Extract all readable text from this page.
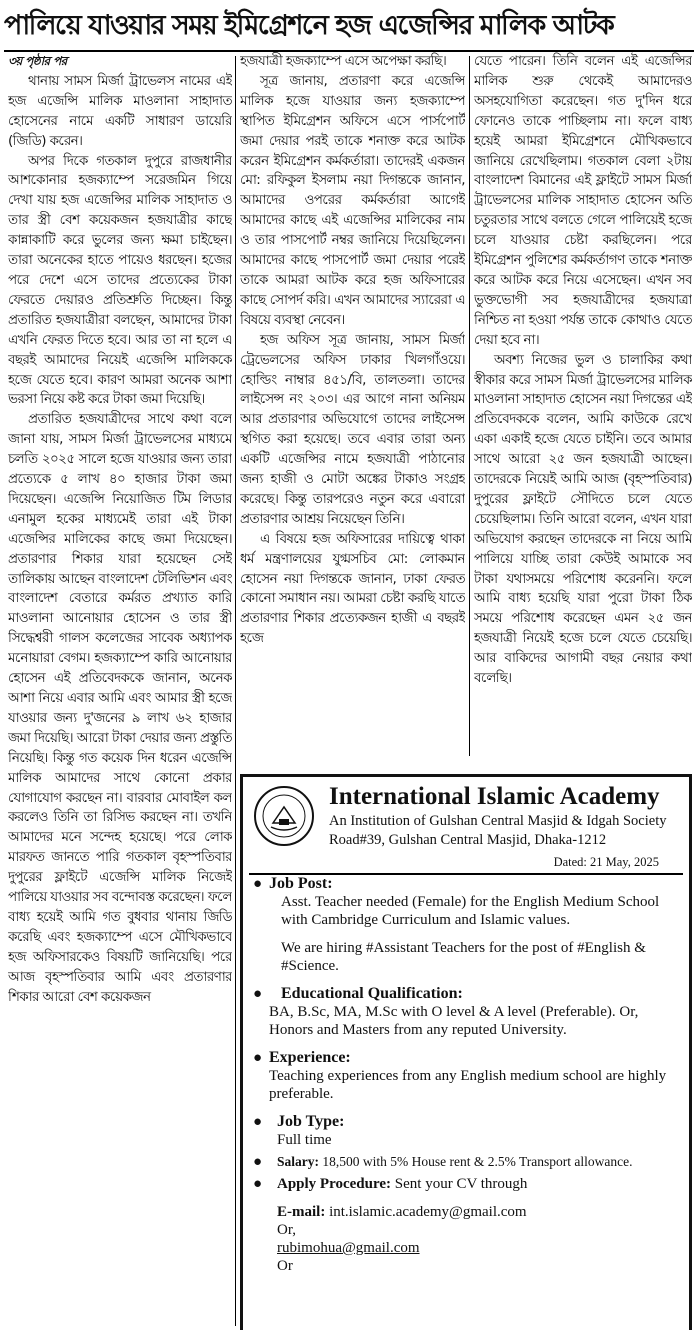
পালিয়ে যাওয়ার সময় ইমিগ্রেশনে হজ এজেন্সির মালিক আটক

৩য় পৃষ্ঠার পর

থানায় সামস মির্জা ট্রাভেলস নামের এই হজ এজেন্সি মালিক মাওলানা সাহাদাত হোসেনের নামে একটি সাধারণ ডায়েরি (জিডি) করেন।

অপর দিকে গতকাল দুপুরে রাজধানীর আশকোনার হজক্যাম্পে সরেজমিন গিয়ে দেখা যায় হজ এজেন্সির মালিক সাহাদাত ও তার স্ত্রী বেশ কয়েকজন হজযাত্রীর কাছে কান্নাকাটি করে ভুলের জন্য ক্ষমা চাইছেন। তারা অনেকের হাতে পায়েও ধরছেন। হজের পরে দেশে এসে তাদের প্রত্যেকের টাকা ফেরতে দেয়ারও প্রতিশ্রুতি দিচ্ছেন। কিন্তু প্রতারিত হজযাত্রীরা বলছেন, আমাদের টাকা এখনি ফেরত দিতে হবে। আর তা না হলে এ বছরই আমাদের নিয়েই এজেন্সি মালিককে হজে যেতে হবে। কারণ আমরা অনেক আশা ভরসা নিয়ে কষ্ট করে টাকা জমা দিয়েছি।

প্রতারিত হজযাত্রীদের সাথে কথা বলে জানা যায়, সামস মির্জা ট্রাভেলসের মাধ্যমে চলতি ২০২৫ সালে হজে যাওয়ার জন্য তারা প্রত্যেকে ৫ লাখ ৪০ হাজার টাকা জমা দিয়েছেন। এজেন্সি নিয়োজিত টিম লিডার এনামুল হকের মাধ্যমেই তারা এই টাকা এজেন্সির মালিকের কাছে জমা দিয়েছেন। প্রতারণার শিকার যারা হয়েছেন সেই তালিকায় আছেন বাংলাদেশ টেলিভিশন এবং বাংলাদেশ বেতারে কর্মরত প্রখ্যাত কারি মাওলানা আনোয়ার হোসেন ও তার স্ত্রী সিদ্ধেশ্বরী গালস কলেজের সাবেক অধ্যাপক মনোয়ারা বেগম। হজক্যাম্পে কারি আনোয়ার হোসেন এই প্রতিবেদককে জানান, অনেক আশা নিয়ে এবার আমি এবং আমার স্ত্রী হজে যাওয়ার জন্য দু'জনের ৯ লাখ ৬২ হাজার জমা দিয়েছি। আরো টাকা দেয়ার জন্য প্রস্তুতি নিয়েছি। কিন্তু গত কয়েক দিন ধরেন এজেন্সি মালিক আমাদের সাথে কোনো প্রকার যোগাযোগ করছেন না। বারবার মোবাইল কল করলেও তিনি তা রিসিভ করছেন না। তখনি আমাদের মনে সন্দেহ হয়েছে। পরে লোক মারফত জানতে পারি গতকাল বৃহস্পতিবার দুপুরের ফ্লাইটে এজেন্সি মালিক নিজেই পালিয়ে যাওয়ার সব বন্দোবস্ত করেছেন। ফলে বাধ্য হয়েই আমি গত বুধবার থানায় জিডি করেছি এবং হজক্যাম্পে এসে মৌখিকভাবে হজ অফিসারকেও বিষয়টি জানিয়েছি। পরে আজ বৃহস্পতিবার আমি এবং প্রতারণার শিকার আরো বেশ কয়েকজন

হজযাত্রী হজক্যাম্পে এসে অপেক্ষা করছি।

সূত্র জানায়, প্রতারণা করে এজেন্সি মালিক হজে যাওয়ার জন্য হজক্যাম্পে স্থাপিত ইমিগ্রেশন অফিসে এসে পার্সপোর্ট জমা দেয়ার পরই তাকে শনাক্ত করে আটক করেন ইমিগ্রেশন কর্মকর্তারা। তাদেরই একজন মো: রফিকুল ইসলাম নয়া দিগন্তকে জানান, আমাদের ওপরের কর্মকর্তারা আগেই আমাদের কাছে এই এজেন্সির মালিকের নাম ও তার পাসপোর্ট নম্বর জানিয়ে দিয়েছিলেন। আমাদের কাছে পাসপোর্ট জমা দেয়ার পরেই তাকে আমরা আটক করে হজ অফিসারের কাছে সোপর্দ করি। এখন আমাদের স্যারেরা এ বিষয়ে ব্যবস্থা নেবেন।

হজ অফিস সূত্র জানায়, সামস মির্জা ট্রেভেলসের অফিস ঢাকার খিলগাঁওয়ে। হোল্ডিং নাম্বার ৪৫১/বি, তালতলা। তাদের লাইসেন্স নং ২০৩। এর আগে নানা অনিয়ম আর প্রতারণার অভিযোগে তাদের লাইসেন্স স্থগিত করা হয়েছে। তবে এবার তারা অন্য একটি এজেন্সির নামে হজযাত্রী পাঠানোর জন্য হাজী ও মোটা অঙ্কের টাকাও সংগ্রহ করেছে। কিন্তু তারপরেও নতুন করে এবারো প্রতারণার আশ্রয় নিয়েছেন তিনি।

এ বিষয়ে হজ অফিসারের দায়িত্বে থাকা ধর্ম মন্ত্রণালয়ের যুগ্মসচিব মো: লোকমান হোসেন নয়া দিগন্তকে জানান, ঢাকা ফেরত কোনো সমাধান নয়। আমরা চেষ্টা করছি যাতে প্রতারণার শিকার প্রত্যেকজন হাজী এ বছরই হজে

যেতে পারেন। তিনি বলেন এই এজেন্সির মালিক শুরু থেকেই আমাদেরও অসহযোগিতা করেছেন। গত দু'দিন ধরে ফোনেও তাকে পাচ্ছিলাম না। ফলে বাধ্য হয়েই আমরা ইমিগ্রেশনে মৌখিকভাবে জানিয়ে রেখেছিলাম। গতকাল বেলা ২টায় বাংলাদেশ বিমানের এই ফ্লাইটে সামস মির্জা ট্রাভেলসের মালিক সাহাদাত হোসেন অতি চতুরতার সাথে বলতে গেলে পালিয়েই হজে চলে যাওয়ার চেষ্টা করছিলেন। পরে ইমিগ্রেশন পুলিশের কর্মকর্তাগণ তাকে শনাক্ত করে আটক করে নিয়ে এসেছেন। এখন সব ভুক্তভোগী সব হজযাত্রীদের হজযাত্রা নিশ্চিত না হওয়া পর্যন্ত তাকে কোথাও যেতে দেয়া হবে না।

অবশ্য নিজের ভুল ও চালাকির কথা স্বীকার করে সামস মির্জা ট্রাভেলসের মালিক মাওলানা সাহাদাত হোসেন নয়া দিগন্তের এই প্রতিবেদককে বলেন, আমি কাউকে রেখে একা একাই হজে যেতে চাইনি। তবে আমার সাথে আরো ২৫ জন হজযাত্রী আছেন। তাদেরকে নিয়েই আমি আজ (বৃহস্পতিবার) দুপুরের ফ্লাইটে সৌদিতে চলে যেতে চেয়েছিলাম। তিনি আরো বলেন, এখন যারা অভিযোগ করছেন তাদেরকে না নিয়ে আমি পালিয়ে যাচ্ছি তারা কেউই আমাকে সব টাকা যথাসময়ে পরিশোধ করেননি। ফলে আমি বাধ্য হয়েছি যারা পুরো টাকা ঠিক সময়ে পরিশোধ করেছেন এমন ২৫ জন হজযাত্রী নিয়েই হজে চলে যেতে চেয়েছি। আর বাকিদের আগামী বছর নেয়ার কথা বলেছি।

International Islamic Academy
An Institution of Gulshan Central Masjid & Idgah Society
Road#39, Gulshan Central Masjid, Dhaka-1212
Dated: 21 May, 2025
● Job Post:

Asst. Teacher needed (Female) for the English Medium School with Cambridge Curriculum and Islamic values.

We are hiring #Assistant Teachers for the post of #English & #Science.

●	Educational Qualification:

BA, B.Sc, MA, M.Sc with O level & A level (Preferable). Or, Honors and Masters from any reputed University.

● Experience:

Teaching experiences from any English medium school are highly preferable.

● Job Type:

Full time

●	Salary: 18,500 with 5% House rent & 2.5% Transport allowance.
● Apply Procedure: Sent your CV through
E-mail: int.islamic.academy@gmail.com
Or,
rubimohua@gmail.com
Or
